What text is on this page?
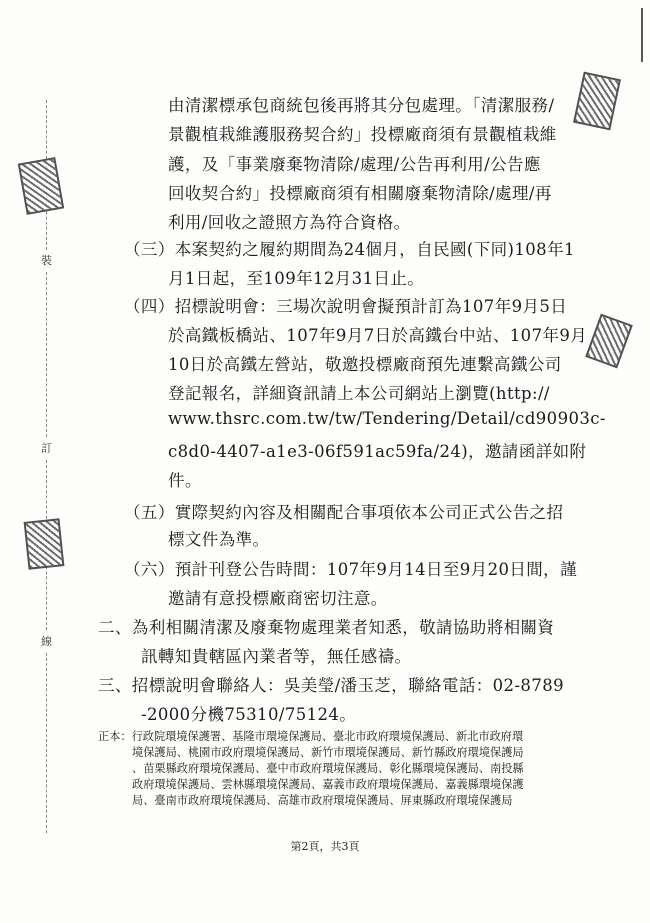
裝
訂
線
由清潔標承包商統包後再將其分包處理。「清潔服務/
景觀植栽維護服務契合約」投標廠商須有景觀植栽維
護，及「事業廢棄物清除/處理/公告再利用/公告應
回收契合約」投標廠商須有相關廢棄物清除/處理/再
利用/回收之證照方為符合資格。
（三）本案契約之履約期間為24個月，自民國(下同)108年1
月1日起，至109年12月31日止。
（四）招標說明會：三場次說明會擬預計訂為107年9月5日
於高鐵板橋站、107年9月7日於高鐵台中站、107年9月
10日於高鐵左營站，敬邀投標廠商預先連繫高鐵公司
登記報名，詳細資訊請上本公司網站上瀏覽(http://
www.thsrc.com.tw/tw/Tendering/Detail/cd90903c-
c8d0-4407-a1e3-06f591ac59fa/24)，邀請函詳如附
件。
（五）實際契約內容及相關配合事項依本公司正式公告之招
標文件為準。
（六）預計刊登公告時間：107年9月14日至9月20日間，謹
邀請有意投標廠商密切注意。
二、為利相關清潔及廢棄物處理業者知悉，敬請協助將相關資
訊轉知貴轄區內業者等，無任感禱。
三、招標說明會聯絡人：吳美瑩/潘玉芝，聯絡電話：02-8789
-2000分機75310/75124。
正本：行政院環境保護署、基隆市環境保護局、臺北市政府環境保護局、新北市政府環
境保護局、桃園市政府環境保護局、新竹市環境保護局、新竹縣政府環境保護局
、苗栗縣政府環境保護局、臺中市政府環境保護局、彰化縣環境保護局、南投縣
政府環境保護局、雲林縣環境保護局、嘉義市政府環境保護局、嘉義縣環境保護
局、臺南市政府環境保護局、高雄市政府環境保護局、屏東縣政府環境保護局
第2頁，共3頁
